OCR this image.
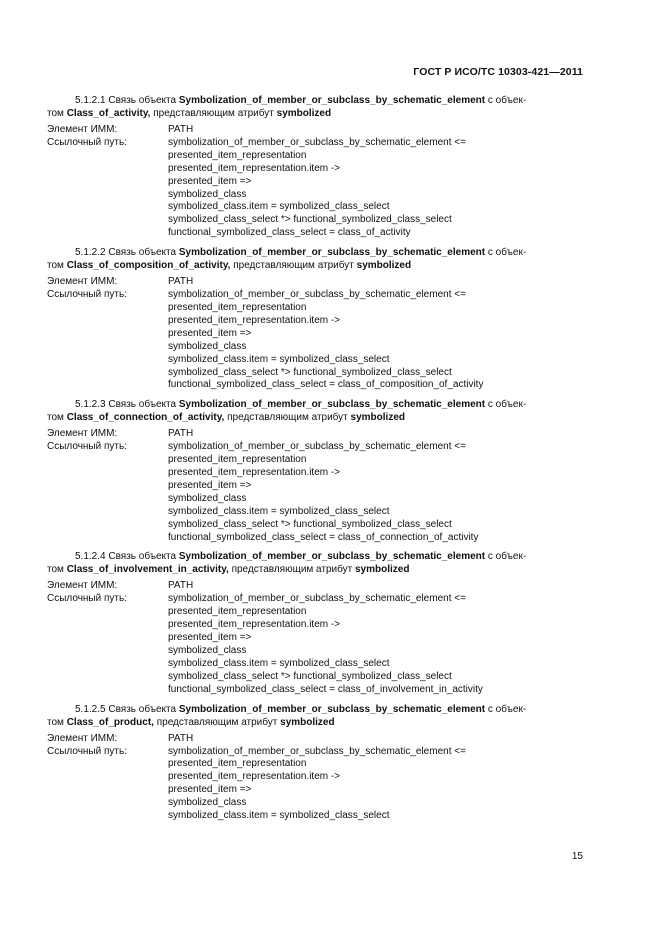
ГОСТ Р ИСО/ТС 10303-421—2011
5.1.2.1 Связь объекта Symbolization_of_member_or_subclass_by_schematic_element с объек-
том Class_of_activity, представляющим атрибут symbolized
Элемент ИММ:	PATH
Ссылочный путь:	symbolization_of_member_or_subclass_by_schematic_element <=
presented_item_representation
presented_item_representation.item ->
presented_item =>
symbolized_class
symbolized_class.item = symbolized_class_select
symbolized_class_select *> functional_symbolized_class_select
functional_symbolized_class_select = class_of_activity
5.1.2.2 Связь объекта Symbolization_of_member_or_subclass_by_schematic_element с объек-
том Class_of_composition_of_activity, представляющим атрибут symbolized
Элемент ИММ:	PATH
Ссылочный путь:	symbolization_of_member_or_subclass_by_schematic_element <=
presented_item_representation
presented_item_representation.item ->
presented_item =>
symbolized_class
symbolized_class.item = symbolized_class_select
symbolized_class_select *> functional_symbolized_class_select
functional_symbolized_class_select = class_of_composition_of_activity
5.1.2.3 Связь объекта Symbolization_of_member_or_subclass_by_schematic_element с объек-
том Class_of_connection_of_activity, представляющим атрибут symbolized
Элемент ИММ:	PATH
Ссылочный путь:	symbolization_of_member_or_subclass_by_schematic_element <=
presented_item_representation
presented_item_representation.item ->
presented_item =>
symbolized_class
symbolized_class.item = symbolized_class_select
symbolized_class_select *> functional_symbolized_class_select
functional_symbolized_class_select = class_of_connection_of_activity
5.1.2.4 Связь объекта Symbolization_of_member_or_subclass_by_schematic_element с объек-
том Class_of_involvement_in_activity, представляющим атрибут symbolized
Элемент ИММ:	PATH
Ссылочный путь:	symbolization_of_member_or_subclass_by_schematic_element <=
presented_item_representation
presented_item_representation.item ->
presented_item =>
symbolized_class
symbolized_class.item = symbolized_class_select
symbolized_class_select *> functional_symbolized_class_select
functional_symbolized_class_select = class_of_involvement_in_activity
5.1.2.5 Связь объекта Symbolization_of_member_or_subclass_by_schematic_element с объек-
том Class_of_product, представляющим атрибут symbolized
Элемент ИММ:	PATH
Ссылочный путь:	symbolization_of_member_or_subclass_by_schematic_element <=
presented_item_representation
presented_item_representation.item ->
presented_item =>
symbolized_class
symbolized_class.item = symbolized_class_select
15
